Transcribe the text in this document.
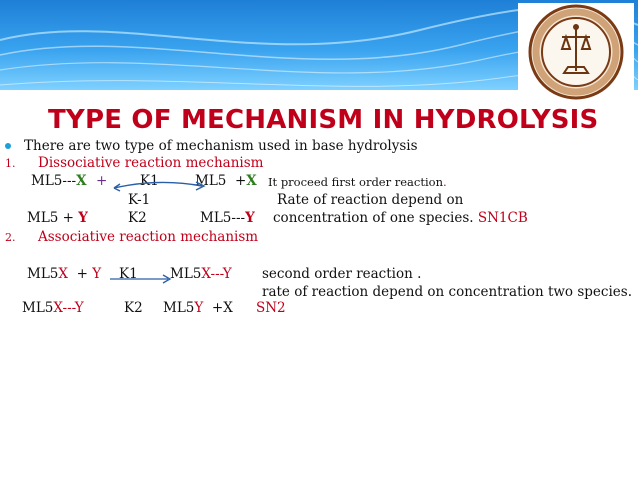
TYPE OF MECHANISM IN HYDROLYSIS
There are two type of mechanism used in base hydrolysis
1. Dissociative reaction mechanism
ML5---X + K1	ML5 +X It proceed first order reaction.
K-1	Rate of reaction depend on
ML5 + Y	K2	ML5---Y concentration of one species. SN1CB
2. Associative reaction mechanism
ML5X + Y K1 ML5X---Y second order reaction .
rate of reaction depend on concentration two species.
ML5X---Y	K2 ML5Y +X SN2
